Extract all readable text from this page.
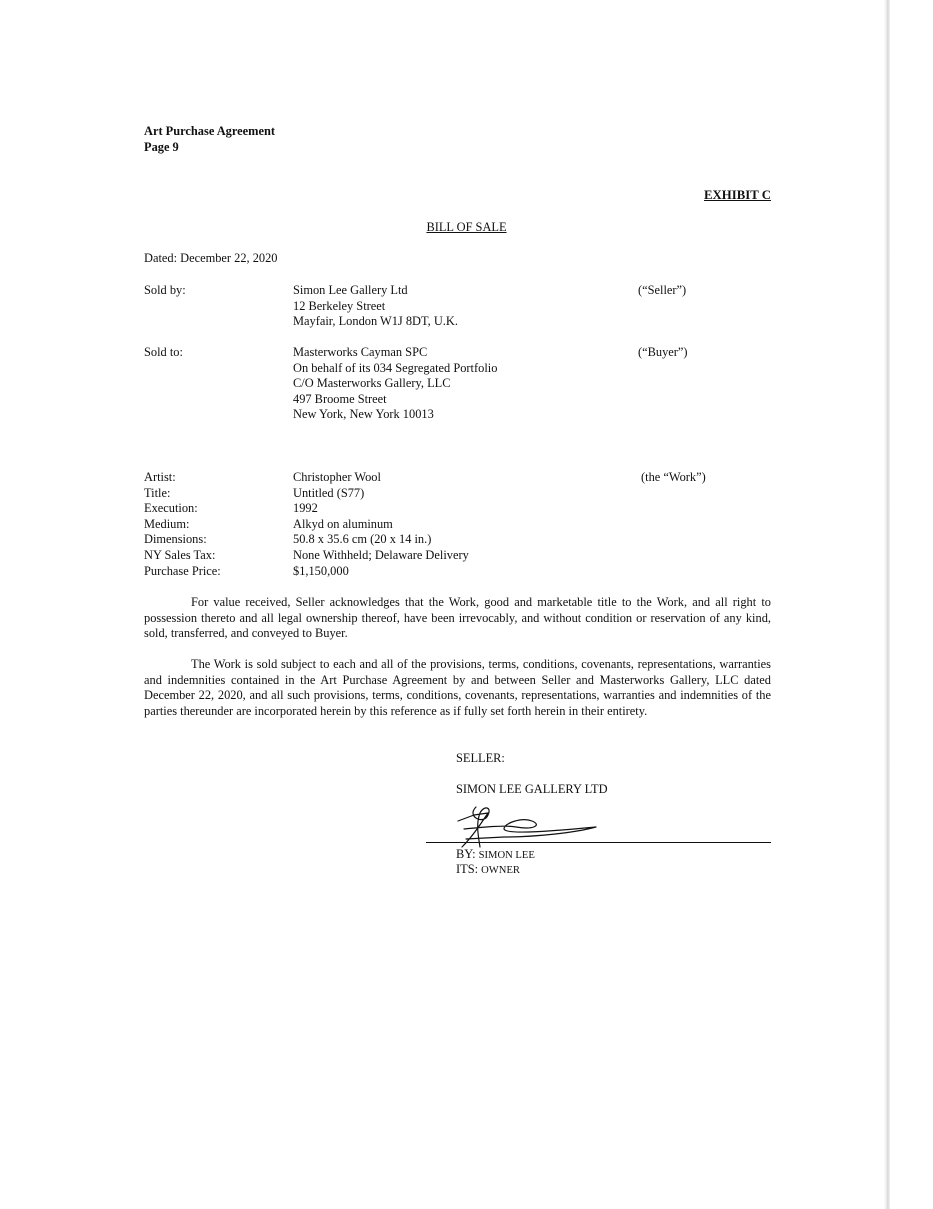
Art Purchase Agreement
Page 9
EXHIBIT C
BILL OF SALE
Dated: December 22, 2020
Sold by:	Simon Lee Gallery Ltd
12 Berkeley Street
Mayfair, London W1J 8DT, U.K.
(“Seller”)
Sold to:	Masterworks Cayman SPC
On behalf of its 034 Segregated Portfolio
C/O Masterworks Gallery, LLC
497 Broome Street
New York, New York 10013
(“Buyer”)
Artist:
Title:
Execution:
Medium:
Dimensions:
NY Sales Tax:
Purchase Price:
Christopher Wool
Untitled (S77)
1992
Alkyd on aluminum
50.8 x 35.6 cm (20 x 14 in.)
None Withheld; Delaware Delivery
$1,150,000
(the “Work”)
For value received, Seller acknowledges that the Work, good and marketable title to the Work, and all right to possession thereto and all legal ownership thereof, have been irrevocably, and without condition or reservation of any kind, sold, transferred, and conveyed to Buyer.
The Work is sold subject to each and all of the provisions, terms, conditions, covenants, representations, warranties and indemnities contained in the Art Purchase Agreement by and between Seller and Masterworks Gallery, LLC dated December 22, 2020, and all such provisions, terms, conditions, covenants, representations, warranties and indemnities of the parties thereunder are incorporated herein by this reference as if fully set forth herein in their entirety.
SELLER:
SIMON LEE GALLERY LTD
BY: SIMON LEE
ITS: OWNER
